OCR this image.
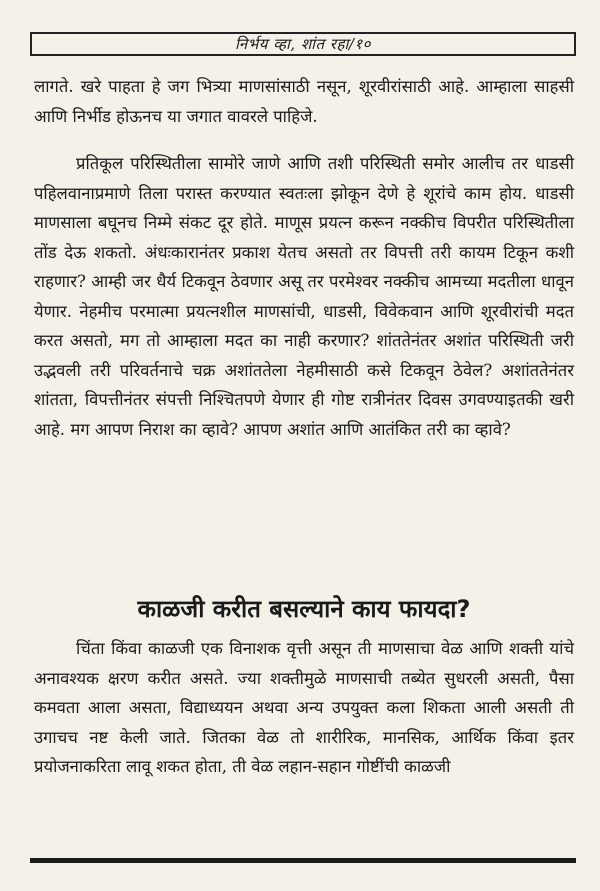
निर्भय व्हा, शांत रहा/१०

लागते. खरे पाहता हे जग भित्र्या माणसांसाठी नसून, शूरवीरांसाठी आहे. आम्हाला साहसी आणि निर्भीड होऊनच या जगात वावरले पाहिजे.

प्रतिकूल परिस्थितीला सामोरे जाणे आणि तशी परिस्थिती समोर आलीच तर धाडसी पहिलवानाप्रमाणे तिला परास्त करण्यात स्वतःला झोकून देणे हे शूरांचे काम होय. धाडसी माणसाला बघूनच निम्मे संकट दूर होते. माणूस प्रयत्न करून नक्कीच विपरीत परिस्थितीला तोंड देऊ शकतो. अंधःकारानंतर प्रकाश येतच असतो तर विपत्ती तरी कायम टिकून कशी राहणार? आम्ही जर धैर्य टिकवून ठेवणार असू तर परमेश्वर नक्कीच आमच्या मदतीला धावून येणार. नेहमीच परमात्मा प्रयत्नशील माणसांची, धाडसी, विवेकवान आणि शूरवीरांची मदत करत असतो, मग तो आम्हाला मदत का नाही करणार? शांततेनंतर अशांत परिस्थिती जरी उद्भवली तरी परिवर्तनाचे चक्र अशांततेला नेहमीसाठी कसे टिकवून ठेवेल? अशांततेनंतर शांतता, विपत्तीनंतर संपत्ती निश्चितपणे येणार ही गोष्ट रात्रीनंतर दिवस उगवण्याइतकी खरी आहे. मग आपण निराश का व्हावे? आपण अशांत आणि आतंकित तरी का व्हावे?

काळजी करीत बसल्याने काय फायदा?

चिंता किंवा काळजी एक विनाशक वृत्ती असून ती माणसाचा वेळ आणि शक्ती यांचे अनावश्यक क्षरण करीत असते. ज्या शक्तीमुळे माणसाची तब्येत सुधरली असती, पैसा कमवता आला असता, विद्याध्ययन अथवा अन्य उपयुक्त कला शिकता आली असती ती उगाचच नष्ट केली जाते. जितका वेळ तो शारीरिक, मानसिक, आर्थिक किंवा इतर प्रयोजनाकरिता लावू शकत होता, ती वेळ लहान-सहान गोष्टींची काळजी
